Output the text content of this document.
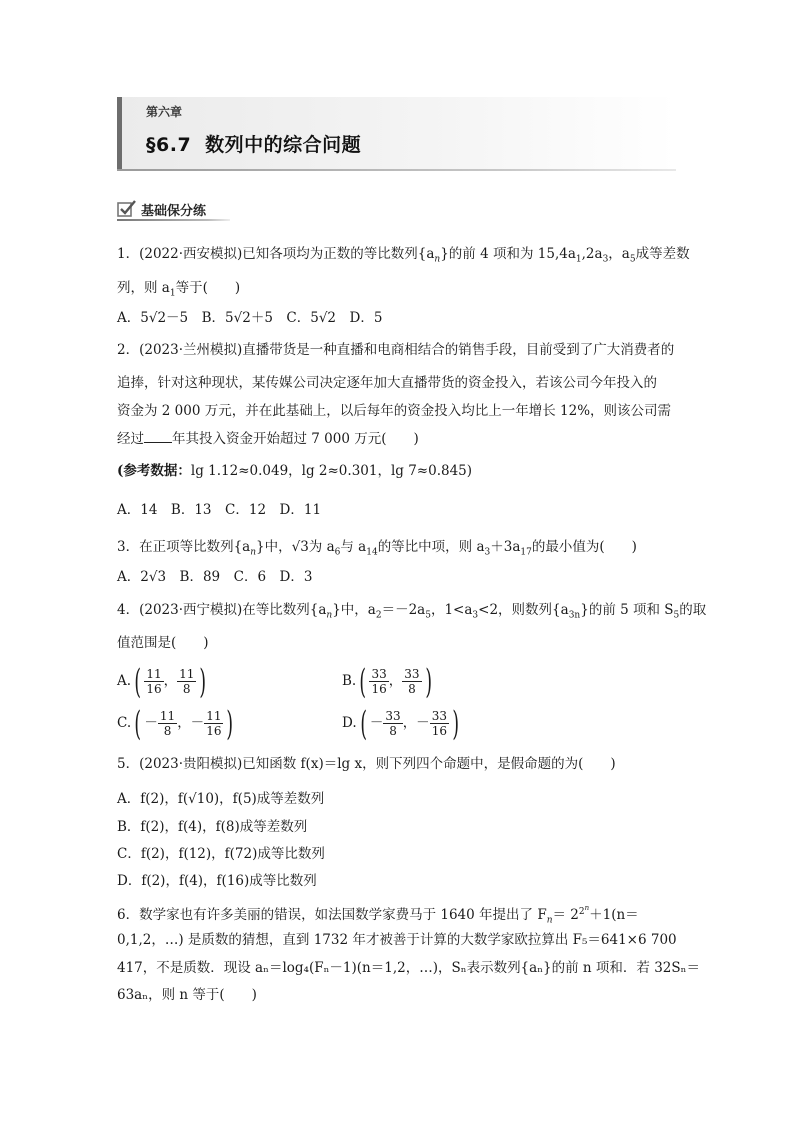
第六章
§6.7 数列中的综合问题
基础保分练
1．(2022·西安模拟)已知各项均为正数的等比数列$\{a_n\}$的前 4 项和为 $15,4a_1,2a_3$，$a_5$成等差数
列，则 $a_1$等于(　　)
A．5√2－5　B．5√2＋5　C．5√2　D．5
2．(2023·兰州模拟)直播带货是一种直播和电商相结合的销售手段，目前受到了广大消费者的
追捧，针对这种现状，某传媒公司决定逐年加大直播带货的资金投入，若该公司今年投入的
资金为 2 000 万元，并在此基础上，以后每年的资金投入均比上一年增长 12%，则该公司需
经过 年其投入资金开始超过 7 000 万元(　　)
(参考数据：lg 1.12≈0.049，lg 2≈0.301，lg 7≈0.845)
A．14　B．13　C．12　D．11
3．在正项等比数列$\{a_n\}$中，√3为 $a_6$与 $a_{14}$的等比中项，则 $a_3+3a_{17}$的最小值为(　　)
A．2√3　B．89　C．6　D．3
4．(2023·西宁模拟)在等比数列$\{a_n\}$中，$a_2=-2a_5$，$1<a_3<2$，则数列$\{a_{3n}\}$的前 5 项和 $S_5$的取
值范围是(　　)
$A.( \frac{11}{16}$ ， $\frac{11}{8}$ )	$B.( \frac{33}{16}$ ， $\frac{33}{8}$ )
$C.( - \frac{11}{8}$ ，－ $\frac{11}{16}$ )	$D.( - \frac{33}{8}$ ，－ $\frac{33}{16}$ )
5．(2023·贵阳模拟)已知函数 f(x)＝lg x，则下列四个命题中，是假命题的为(　　)
A．f(2)，f(√10)，f(5)成等差数列
B．f(2)，f(4)，f(8)成等差数列
C．f(2)，f(12)，f(72)成等比数列
D．f(2)，f(4)，f(16)成等比数列
6．数学家也有许多美丽的错误，如法国数学家费马于 1640 年提出了 $F_n= 2^{2^n}+1(n=$
0,1,2，…) 是质数的猜想，直到 1732 年才被善于计算的大数学家欧拉算出 F₅＝641×6 700
417，不是质数．现设 aₙ＝log₄(Fₙ－1)(n＝1,2，…)，Sₙ表示数列{aₙ}的前 n 项和．若 32Sₙ＝
63aₙ，则 n 等于(　　)
